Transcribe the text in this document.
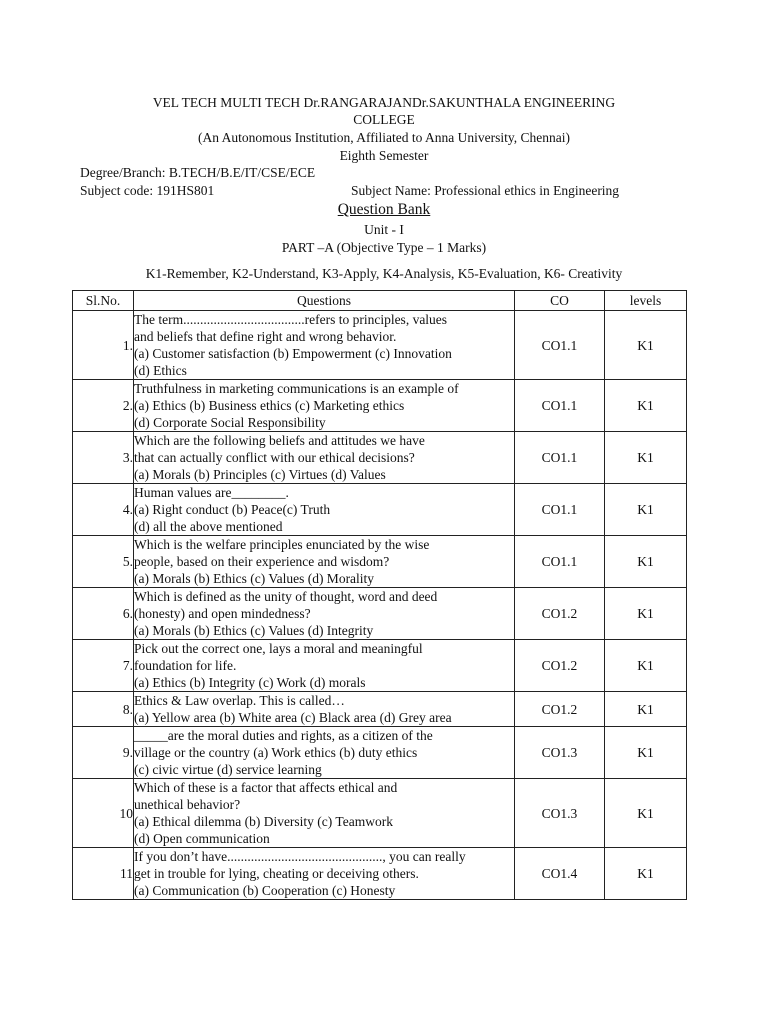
VEL TECH MULTI TECH Dr.RANGARAJANDr.SAKUNTHALA ENGINEERING
COLLEGE
(An Autonomous Institution, Affiliated to Anna University, Chennai)
Eighth Semester
Degree/Branch: B.TECH/B.E/IT/CSE/ECE
Subject code: 191HS801	Subject Name: Professional ethics in Engineering
Question Bank
Unit - I
PART –A (Objective Type – 1 Marks)
K1-Remember, K2-Understand, K3-Apply, K4-Analysis, K5-Evaluation, K6- Creativity
Sl.No.	Questions	CO	levels
1.	The term....................................refers to principles, values
and beliefs that define right and wrong behavior.
(a) Customer satisfaction (b) Empowerment (c) Innovation
(d) Ethics	CO1.1	K1
2.	Truthfulness in marketing communications is an example of
(a) Ethics (b) Business ethics (c) Marketing ethics
(d) Corporate Social Responsibility	CO1.1	K1
3.	Which are the following beliefs and attitudes we have
that can actually conflict with our ethical decisions?
(a) Morals (b) Principles (c) Virtues (d) Values	CO1.1	K1
4.	Human values are________.
(a) Right conduct (b) Peace(c) Truth
(d) all the above mentioned	CO1.1	K1
5.	Which is the welfare principles enunciated by the wise
people, based on their experience and wisdom?
(a) Morals (b) Ethics (c) Values (d) Morality	CO1.1	K1
6.	Which is defined as the unity of thought, word and deed
(honesty) and open mindedness?
(a) Morals (b) Ethics (c) Values (d) Integrity	CO1.2	K1
7.	Pick out the correct one, lays a moral and meaningful
foundation for life.
(a) Ethics (b) Integrity (c) Work (d) morals	CO1.2	K1
8.	Ethics & Law overlap. This is called…
(a) Yellow area (b) White area (c) Black area (d) Grey area	CO1.2	K1
9.	_____are the moral duties and rights, as a citizen of the
village or the country (a) Work ethics (b) duty ethics
(c) civic virtue (d) service learning	CO1.3	K1
10	Which of these is a factor that affects ethical and
unethical behavior?
(a) Ethical dilemma (b) Diversity (c) Teamwork
(d) Open communication	CO1.3	K1
11	If you don’t have.............................................., you can really
get in trouble for lying, cheating or deceiving others.
(a) Communication (b) Cooperation (c) Honesty	CO1.4	K1
